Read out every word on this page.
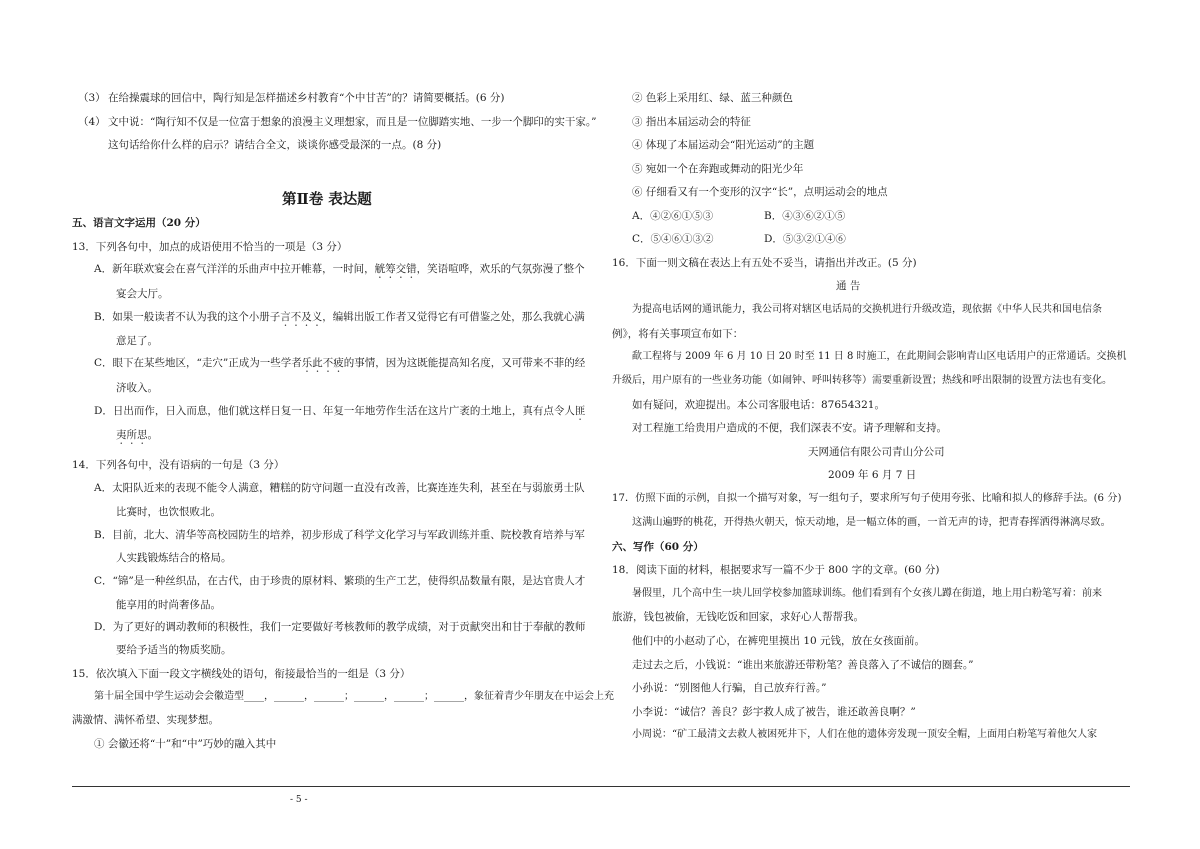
（3） 在给操震球的回信中，陶行知是怎样描述乡村教育“个中甘苦”的？请简要概括。(6 分)
（4） 文中说：“陶行知不仅是一位富于想象的浪漫主义理想家，而且是一位脚踏实地、一步一个脚印的实干家。”
这句话给你什么样的启示？请结合全文，谈谈你感受最深的一点。(8 分)
第Ⅱ卷 表达题
五、语言文字运用（20 分）
13．下列各句中，加点的成语使用不恰当的一项是（3 分）
A．新年联欢宴会在喜气洋洋的乐曲声中拉开帷幕，一时间，觥筹交错，笑语喧哗，欢乐的气氛弥漫了整个
宴会大厅。
B．如果一般读者不认为我的这个小册子言不及义，编辑出版工作者又觉得它有可借鉴之处，那么我就心满
意足了。
C．眼下在某些地区，“走穴”正成为一些学者乐此不疲的事情，因为这既能提高知名度，又可带来不菲的经
济收入。
D．日出而作，日入而息，他们就这样日复一日、年复一年地劳作生活在这片广袤的土地上，真有点令人匪
夷所思。
14．下列各句中，没有语病的一句是（3 分）
A．太阳队近来的表现不能令人满意，糟糕的防守问题一直没有改善，比赛连连失利，甚至在与弱旅勇士队
比赛时，也饮恨败北。
B．目前，北大、清华等高校园防生的培养，初步形成了科学文化学习与军政训练并重、院校教育培养与军
人实践锻炼结合的格局。
C．“锦”是一种丝织品，在古代，由于珍贵的原材料、繁琐的生产工艺，使得织品数量有限，是达官贵人才
能享用的时尚奢侈品。
D．为了更好的调动教师的积极性，我们一定要做好考核教师的教学成绩，对于贡献突出和甘于奉献的教师
要给予适当的物质奖励。
15．依次填入下面一段文字横线处的语句，衔接最恰当的一组是（3 分）
第十届全国中学生运动会会徽造型____，______，______；______，______；______，象征着青少年朋友在中运会上充
满激情、满怀希望、实现梦想。
① 会徽还将“十”和“中”巧妙的融入其中
② 色彩上采用红、绿、蓝三种颜色
③ 指出本届运动会的特征
④ 体现了本届运动会“阳光运动”的主题
⑤ 宛如一个在奔跑或舞动的阳光少年
⑥ 仔细看又有一个变形的汉字“长”，点明运动会的地点
A．④②⑥①⑤③	B．④③⑥②①⑤
C．⑤④⑥①③②	D．⑤③②①④⑥
16．下面一则文稿在表达上有五处不妥当，请指出并改正。(5 分)
通 告
为提高电话网的通讯能力，我公司将对辖区电话局的交换机进行升级改造，现依据《中华人民共和国电信条
例》，将有关事项宣布如下：
歃工程将与 2009 年 6 月 10 日 20 时至 11 日 8 时施工，在此期间会影响青山区电话用户的正常通话。交换机
升级后，用户原有的一些业务功能（如闹钟、呼叫转移等）需要重新设置；热线和呼出限制的设置方法也有变化。
如有疑问，欢迎提出。本公司客服电话：87654321。
对工程施工给贵用户造成的不便，我们深表不安。请予理解和支持。
天网通信有限公司青山分公司
2009 年 6 月 7 日
17．仿照下面的示例，自拟一个描写对象，写一组句子，要求所写句子使用夸张、比喻和拟人的修辞手法。(6 分)
这满山遍野的桃花，开得热火朝天，惊天动地，是一幅立体的画，一首无声的诗，把青春挥洒得淋漓尽致。
六、写作（60 分）
18．阅读下面的材料，根据要求写一篇不少于 800 字的文章。(60 分)
暑假里，几个高中生一块儿回学校参加篮球训练。他们看到有个女孩儿蹲在街道，地上用白粉笔写着：前来
旅游，钱包被偷，无钱吃饭和回家，求好心人帮帮我。
他们中的小赵动了心，在裤兜里摸出 10 元钱，放在女孩面前。
走过去之后，小钱说：“谁出来旅游还带粉笔？善良落入了不诚信的圈套。”
小孙说：“别图他人行骗，自己放弃行善。”
小李说：“诚信？善良？彭宇救人成了被告，谁还敢善良啊？”
小周说：“矿工最清文去救人被困死井下，人们在他的遗体旁发现一顶安全帽，上面用白粉笔写着他欠人家
- 5 -
